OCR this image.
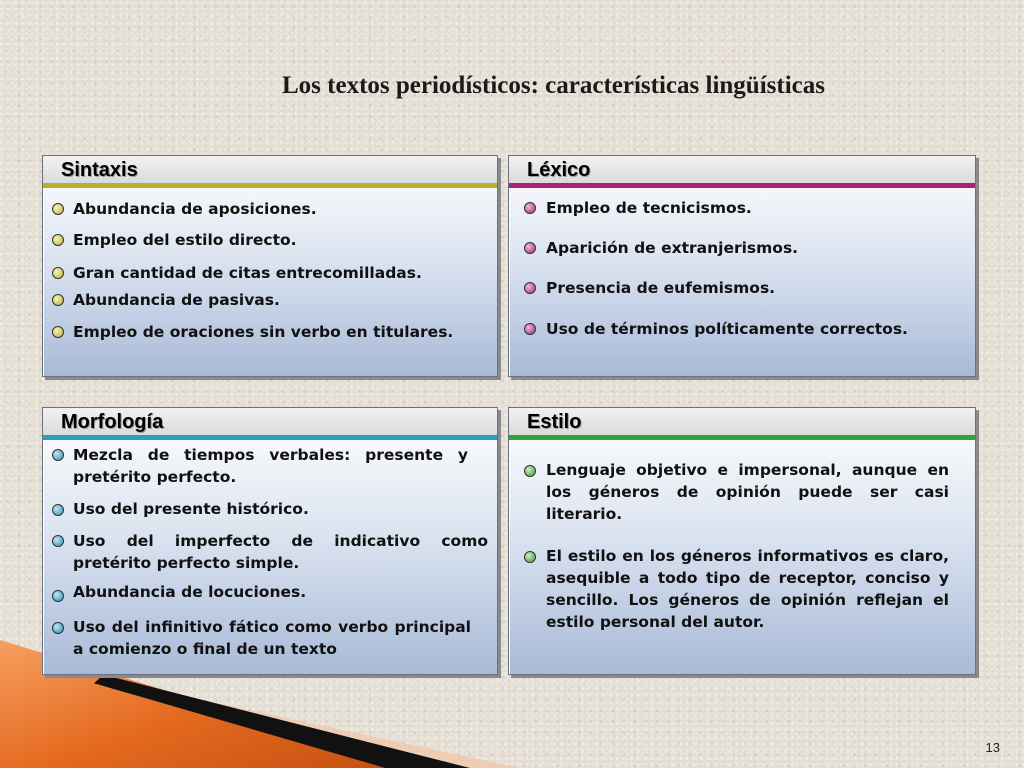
Los textos periodísticos: características lingüísticas
Sintaxis
Abundancia de aposiciones.
Empleo del estilo directo.
Gran cantidad de citas entrecomilladas.
Abundancia de pasivas.
Empleo de oraciones sin verbo en titulares.
Léxico
Empleo de tecnicismos.
Aparición de extranjerismos.
Presencia de eufemismos.
Uso de términos políticamente correctos.
Morfología
Mezcla de tiempos verbales: presente y pretérito perfecto.
Uso del presente histórico.
Uso del imperfecto de indicativo como pretérito perfecto simple.
Abundancia de locuciones.
Uso del infinitivo fático como verbo principal a comienzo o final de un texto
Estilo
Lenguaje objetivo e impersonal, aunque en los géneros de opinión puede ser casi literario.
El estilo en los géneros informativos es claro, asequible a todo tipo de receptor, conciso y sencillo. Los géneros de opinión reflejan el estilo personal del autor.
13
